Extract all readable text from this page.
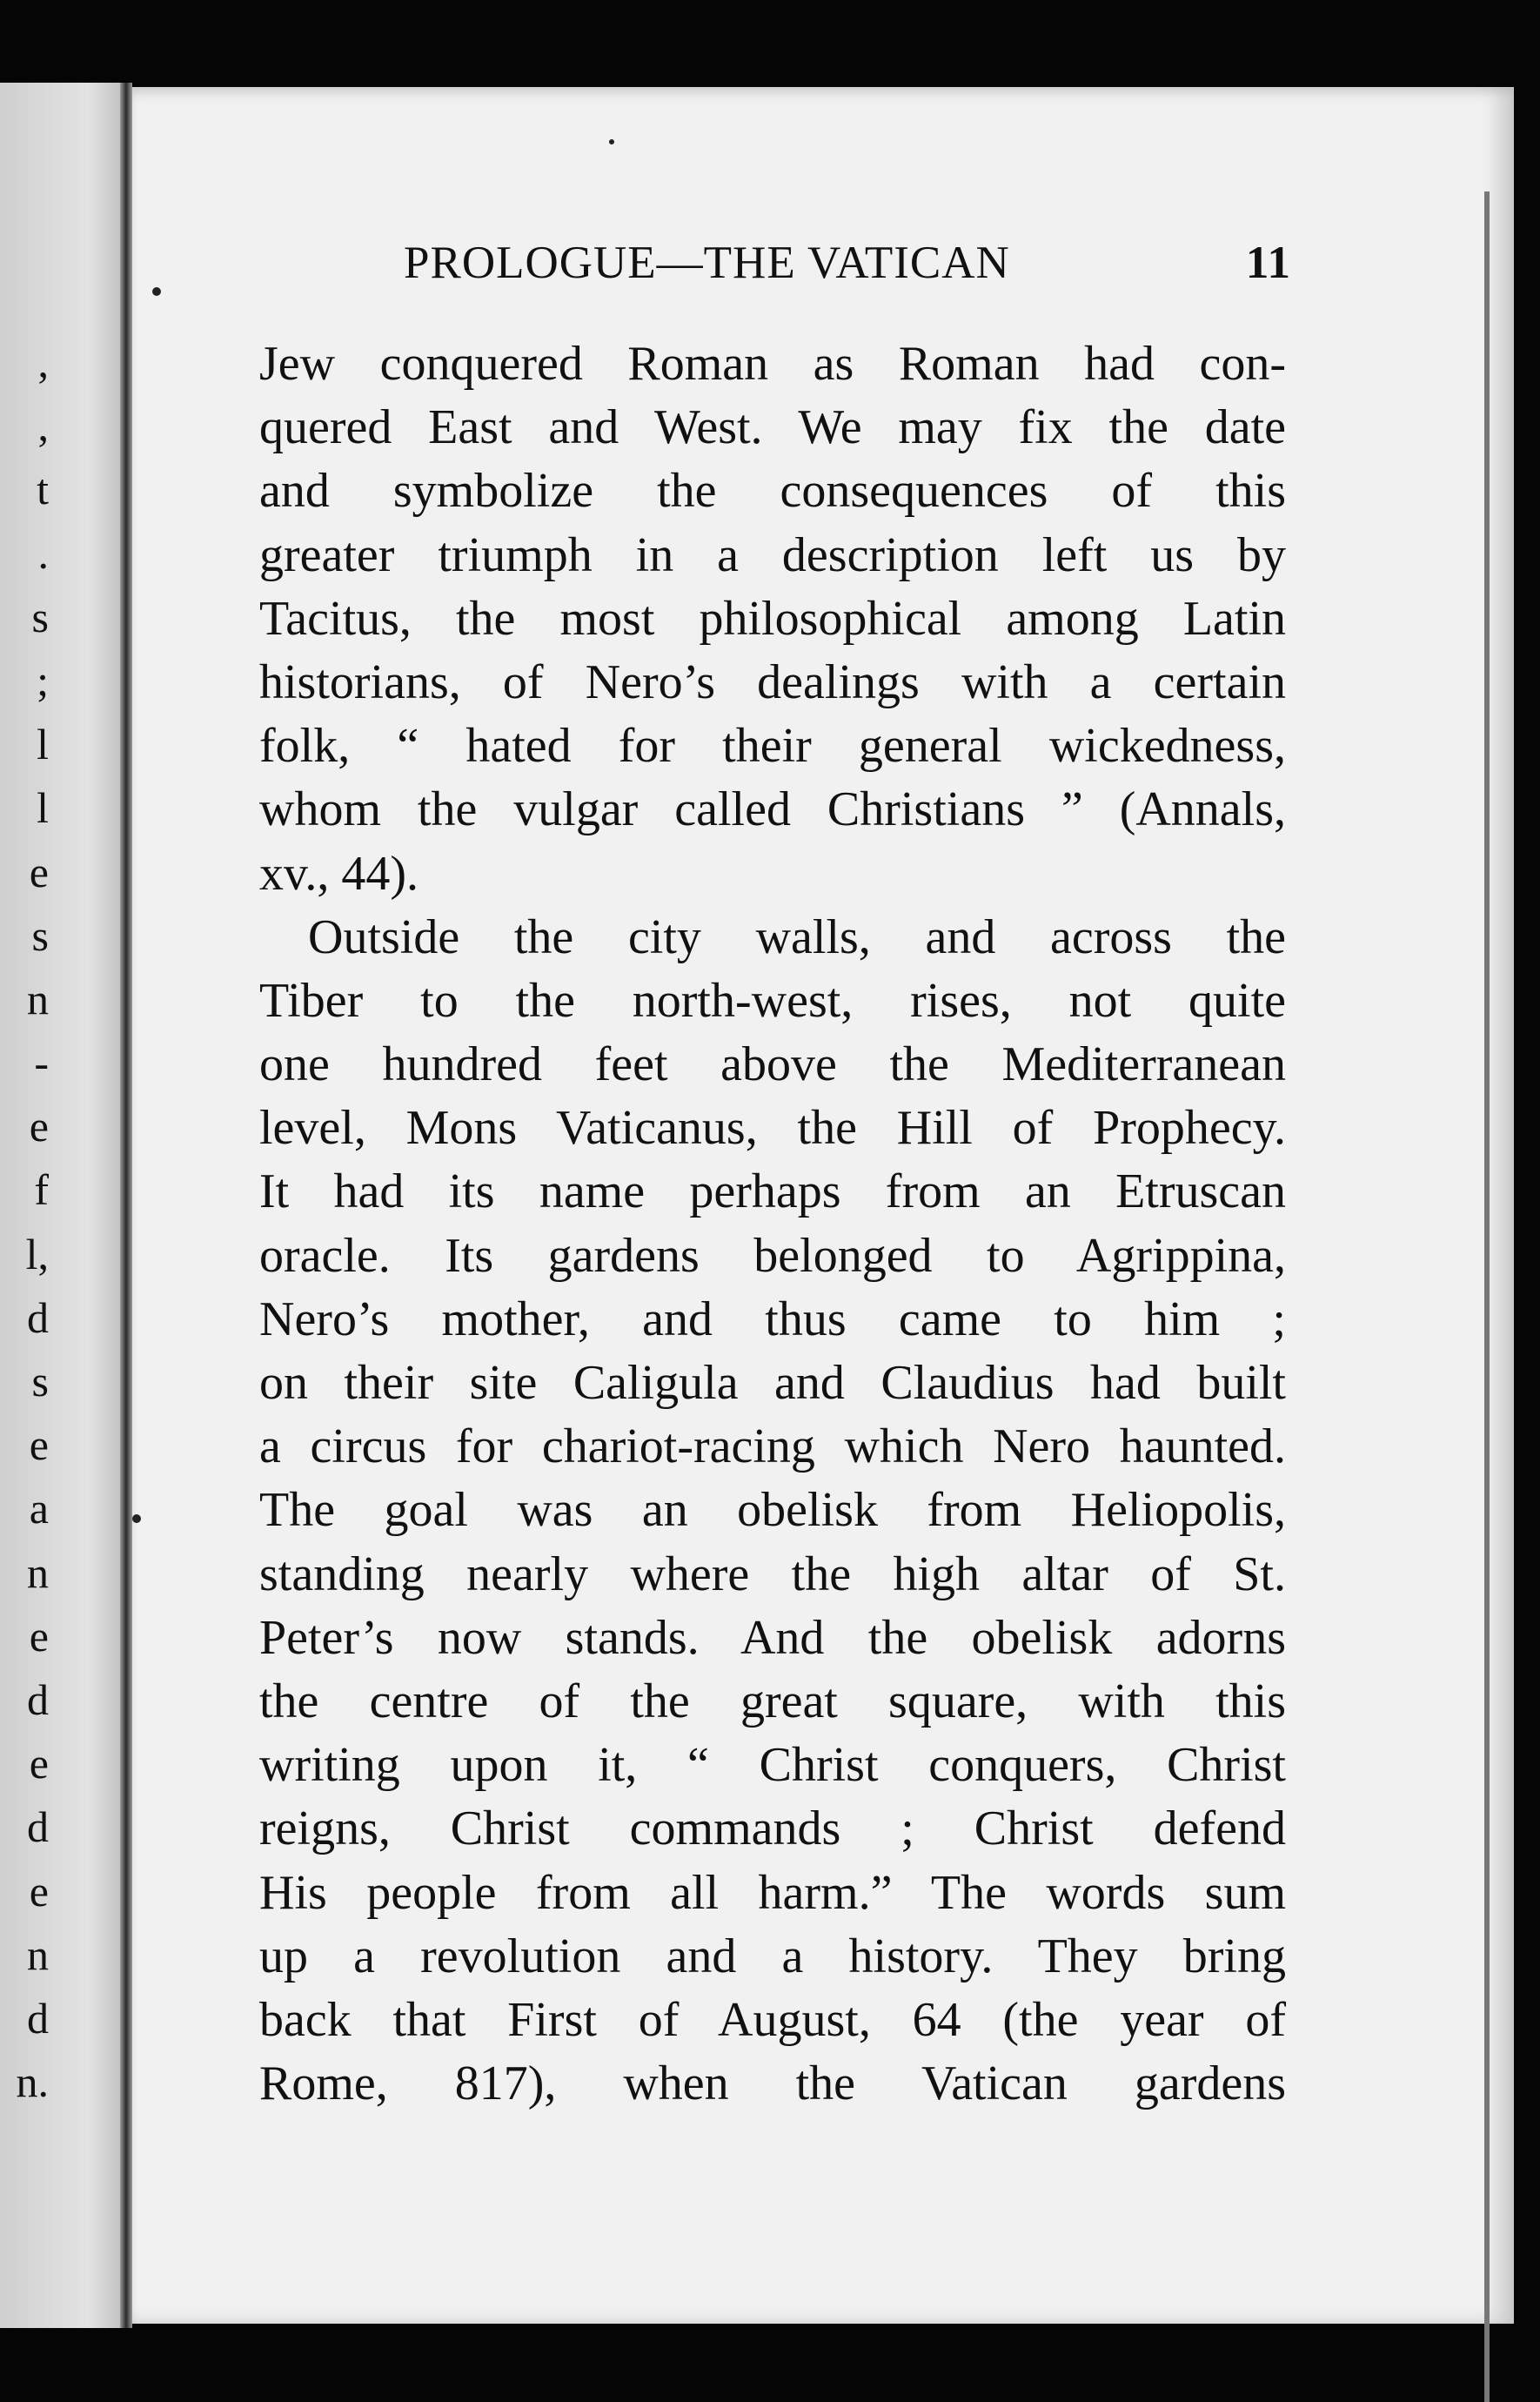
,
,
t
.
s
;
l
l
e
s
n
-
e
f
l,
d
s
e
a
n
e
d
e
d
e
n
d
n.
PROLOGUE—THE VATICAN	11
Jew conquered Roman as Roman had con-
quered East and West. We may fix the date
and symbolize the consequences of this
greater triumph in a description left us by
Tacitus, the most philosophical among Latin
historians, of Nero’s dealings with a certain
folk, “ hated for their general wickedness,
whom the vulgar called Christians ” (Annals,
xv., 44).
Outside the city walls, and across the
Tiber to the north-west, rises, not quite
one hundred feet above the Mediterranean
level, Mons Vaticanus, the Hill of Prophecy.
It had its name perhaps from an Etruscan
oracle. Its gardens belonged to Agrippina,
Nero’s mother, and thus came to him ;
on their site Caligula and Claudius had built
a circus for chariot-racing which Nero haunted.
The goal was an obelisk from Heliopolis,
standing nearly where the high altar of St.
Peter’s now stands. And the obelisk adorns
the centre of the great square, with this
writing upon it, “ Christ conquers, Christ
reigns, Christ commands ; Christ defend
His people from all harm.” The words sum
up a revolution and a history. They bring
back that First of August, 64 (the year of
Rome, 817), when the Vatican gardens
